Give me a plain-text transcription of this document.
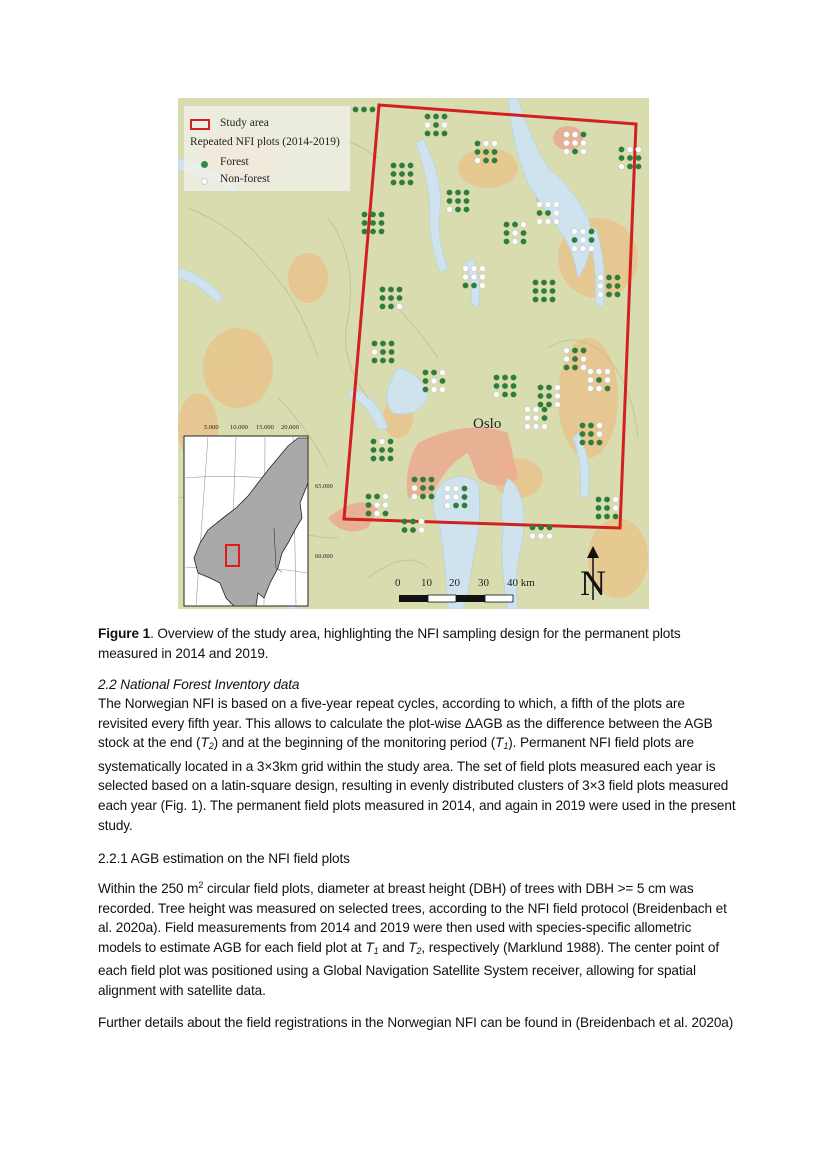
Oslo
5.000 10.000 15.000 20.000
65.000
60.000
0 10 20 30 40 km N
Study area
Repeated NFI plots (2014-2019)
Forest
Non-forest
Figure 1. Overview of the study area, highlighting the NFI sampling design for the permanent plots measured in 2014 and 2019.
2.2 National Forest Inventory data
The Norwegian NFI is based on a five-year repeat cycles, according to which, a fifth of the plots are revisited every fifth year. This allows to calculate the plot-wise ΔAGB as the difference between the AGB stock at the end $(T_2)$ and at the beginning of the monitoring period $(T_1)$. Permanent NFI field plots are systematically located in a 3×3km grid within the study area. The set of field plots measured each year is selected based on a latin-square design, resulting in evenly distributed clusters of 3×3 field plots measured each year (Fig. 1). The permanent field plots measured in 2014, and again in 2019 were used in the present study.
2.2.1 AGB estimation on the NFI field plots
Within the 250 $m^2$ circular field plots, diameter at breast height (DBH) of trees with DBH >= 5 cm was recorded. Tree height was measured on selected trees, according to the NFI field protocol (Breidenbach et al. 2020a). Field measurements from 2014 and 2019 were then used with species-specific allometric models to estimate AGB for each field plot at $T_1$ and $T_2$, respectively (Marklund 1988). The center point of each field plot was positioned using a Global Navigation Satellite System receiver, allowing for spatial alignment with satellite data.
Further details about the field registrations in the Norwegian NFI can be found in (Breidenbach et al. 2020a)
